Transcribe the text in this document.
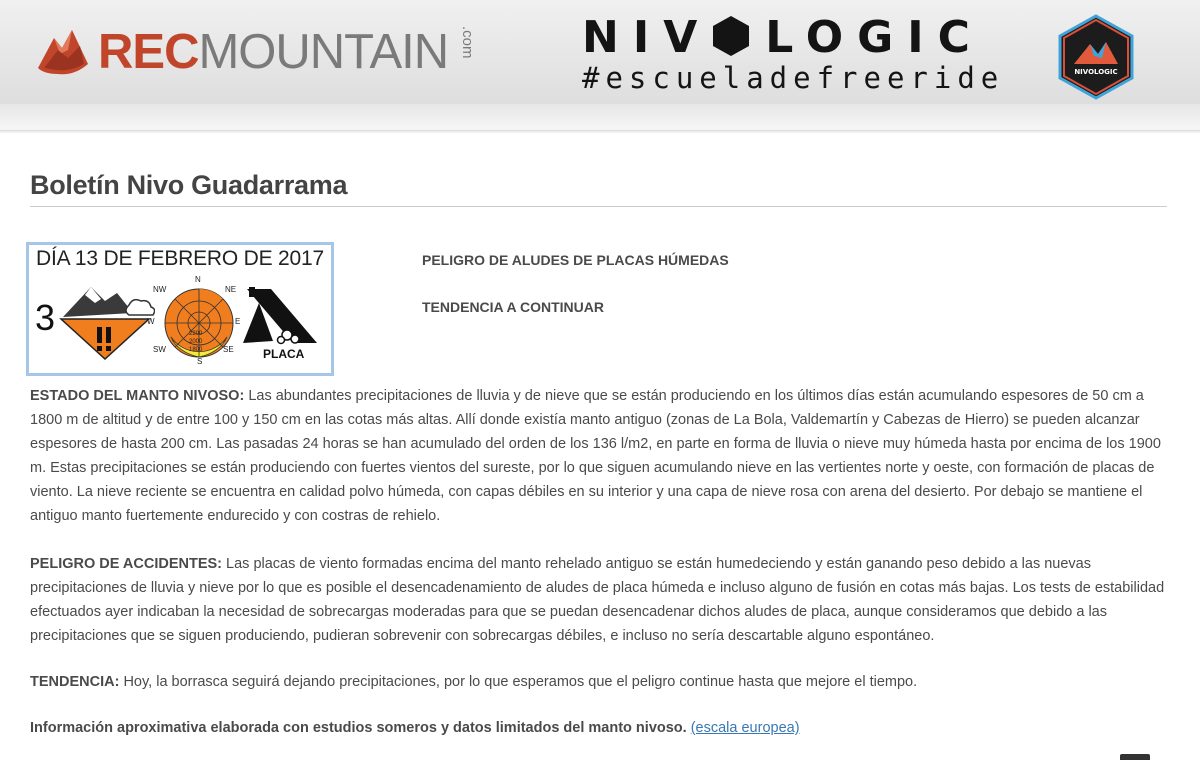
RECMOUNTAIN .com NIV LOGIC
#escueladefreeride	NIVOLOGIC
Boletín Nivo Guadarrama
DÍA 13 DE FEBRERO DE 2017
3
N
NE
E
SE
S
SW
W
NW
2200
2000
1800	PLACA
PELIGRO DE ALUDES DE PLACAS HÚMEDAS
TENDENCIA A CONTINUAR

ESTADO DEL MANTO NIVOSO: Las abundantes precipitaciones de lluvia y de nieve que se están produciendo en los últimos días están acumulando espesores de 50 cm a 1800 m de altitud y de entre 100 y 150 cm en las cotas más altas. Allí donde existía manto antiguo (zonas de La Bola, Valdemartín y Cabezas de Hierro) se pueden alcanzar espesores de hasta 200 cm. Las pasadas 24 horas se han acumulado del orden de los 136 l/m2, en parte en forma de lluvia o nieve muy húmeda hasta por encima de los 1900 m. Estas precipitaciones se están produciendo con fuertes vientos del sureste, por lo que siguen acumulando nieve en las vertientes norte y oeste, con formación de placas de viento. La nieve reciente se encuentra en calidad polvo húmeda, con capas débiles en su interior y una capa de nieve rosa con arena del desierto. Por debajo se mantiene el antiguo manto fuertemente endurecido y con costras de rehielo.

PELIGRO DE ACCIDENTES: Las placas de viento formadas encima del manto rehelado antiguo se están humedeciendo y están ganando peso debido a las nuevas precipitaciones de lluvia y nieve por lo que es posible el desencadenamiento de aludes de placa húmeda e incluso alguno de fusión en cotas más bajas. Los tests de estabilidad efectuados ayer indicaban la necesidad de sobrecargas moderadas para que se puedan desencadenar dichos aludes de placa, aunque consideramos que debido a las precipitaciones que se siguen produciendo, pudieran sobrevenir con sobrecargas débiles, e incluso no sería descartable alguno espontáneo.

TENDENCIA: Hoy, la borrasca seguirá dejando precipitaciones, por lo que esperamos que el peligro continue hasta que mejore el tiempo.

Información aproximativa elaborada con estudios someros y datos limitados del manto nivoso. (escala europea)
